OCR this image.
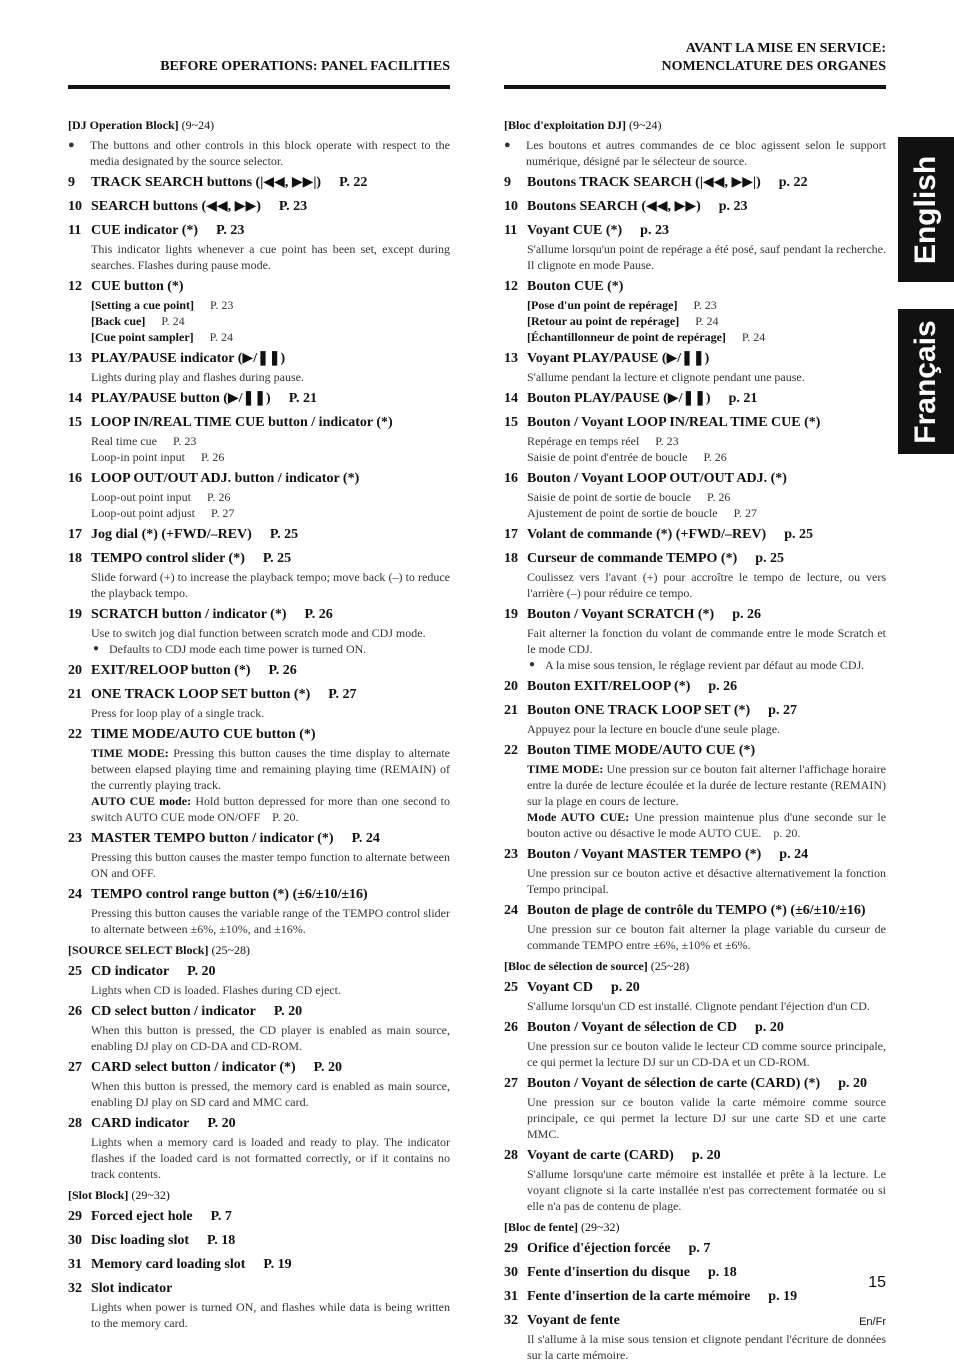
BEFORE OPERATIONS: PANEL FACILITIES
[DJ Operation Block] (9~24)
● The buttons and other controls in this block operate with respect to the media designated by the source selector.
9 TRACK SEARCH buttons (|◀◀, ▶▶|) P. 22
10 SEARCH buttons (◀◀, ▶▶) P. 23
11 CUE indicator (*) P. 23
This indicator lights whenever a cue point has been set, except during searches. Flashes during pause mode.
12 CUE button (*)
[Setting a cue point] P. 23
[Back cue] P. 24
[Cue point sampler] P. 24
13 PLAY/PAUSE indicator (▶/❚❚)
Lights during play and flashes during pause.
14 PLAY/PAUSE button (▶/❚❚) P. 21
15 LOOP IN/REAL TIME CUE button / indicator (*)
Real time cue P. 23
Loop-in point input P. 26
16 LOOP OUT/OUT ADJ. button / indicator (*)
Loop-out point input P. 26
Loop-out point adjust P. 27
17 Jog dial (*) (+FWD/–REV) P. 25
18 TEMPO control slider (*) P. 25
Slide forward (+) to increase the playback tempo; move back (–) to reduce the playback tempo.
19 SCRATCH button / indicator (*) P. 26
Use to switch jog dial function between scratch mode and CDJ mode.
● Defaults to CDJ mode each time power is turned ON.
20 EXIT/RELOOP button (*) P. 26
21 ONE TRACK LOOP SET button (*) P. 27
Press for loop play of a single track.
22 TIME MODE/AUTO CUE button (*)
TIME MODE: Pressing this button causes the time display to alternate between elapsed playing time and remaining playing time (REMAIN) of the currently playing track.
AUTO CUE mode: Hold button depressed for more than one second to switch AUTO CUE mode ON/OFF  P. 20.
23 MASTER TEMPO button / indicator (*) P. 24
Pressing this button causes the master tempo function to alternate between ON and OFF.
24 TEMPO control range button (*) (±6/±10/±16)
Pressing this button causes the variable range of the TEMPO control slider to alternate between ±6%, ±10%, and ±16%.
[SOURCE SELECT Block] (25~28)
25 CD indicator P. 20
Lights when CD is loaded. Flashes during CD eject.
26 CD select button / indicator P. 20
When this button is pressed, the CD player is enabled as main source, enabling DJ play on CD-DA and CD-ROM.
27 CARD select button / indicator (*) P. 20
When this button is pressed, the memory card is enabled as main source, enabling DJ play on SD card and MMC card.
28 CARD indicator P. 20
Lights when a memory card is loaded and ready to play. The indicator flashes if the loaded card is not formatted correctly, or if it contains no track contents.
[Slot Block] (29~32)
29 Forced eject hole P. 7
30 Disc loading slot P. 18
31 Memory card loading slot P. 19
32 Slot indicator
Lights when power is turned ON, and flashes while data is being written to the memory card.
AVANT LA MISE EN SERVICE:
NOMENCLATURE DES ORGANES
[Bloc d'exploitation DJ] (9~24)
● Les boutons et autres commandes de ce bloc agissent selon le support numérique, désigné par le sélecteur de source.
9 Boutons TRACK SEARCH (|◀◀, ▶▶|) p. 22
10 Boutons SEARCH (◀◀, ▶▶) p. 23
11 Voyant CUE (*) p. 23
S'allume lorsqu'un point de repérage a été posé, sauf pendant la recherche. Il clignote en mode Pause.
12 Bouton CUE (*)
[Pose d'un point de repérage] P. 23
[Retour au point de repérage] P. 24
[Échantillonneur de point de repérage] P. 24
13 Voyant PLAY/PAUSE (▶/❚❚)
S'allume pendant la lecture et clignote pendant une pause.
14 Bouton PLAY/PAUSE (▶/❚❚) p. 21
15 Bouton / Voyant LOOP IN/REAL TIME CUE (*)
Repérage en temps réel P. 23
Saisie de point d'entrée de boucle P. 26
16 Bouton / Voyant LOOP OUT/OUT ADJ. (*)
Saisie de point de sortie de boucle P. 26
Ajustement de point de sortie de boucle P. 27
17 Volant de commande (*) (+FWD/–REV) p. 25
18 Curseur de commande TEMPO (*) p. 25
Coulissez vers l'avant (+) pour accroître le tempo de lecture, ou vers l'arrière (–) pour réduire ce tempo.
19 Bouton / Voyant SCRATCH (*) p. 26
Fait alterner la fonction du volant de commande entre le mode Scratch et le mode CDJ.
● A la mise sous tension, le réglage revient par défaut au mode CDJ.
20 Bouton EXIT/RELOOP (*) p. 26
21 Bouton ONE TRACK LOOP SET (*) p. 27
Appuyez pour la lecture en boucle d'une seule plage.
22 Bouton TIME MODE/AUTO CUE (*)
TIME MODE: Une pression sur ce bouton fait alterner l'affichage horaire entre la durée de lecture écoulée et la durée de lecture restante (REMAIN) sur la plage en cours de lecture.
Mode AUTO CUE: Une pression maintenue plus d'une seconde sur le bouton active ou désactive le mode AUTO CUE.  p. 20.
23 Bouton / Voyant MASTER TEMPO (*) p. 24
Une pression sur ce bouton active et désactive alternativement la fonction Tempo principal.
24 Bouton de plage de contrôle du TEMPO (*) (±6/±10/±16)
Une pression sur ce bouton fait alterner la plage variable du curseur de commande TEMPO entre ±6%, ±10% et ±6%.
[Bloc de sélection de source] (25~28)
25 Voyant CD p. 20
S'allume lorsqu'un CD est installé. Clignote pendant l'éjection d'un CD.
26 Bouton / Voyant de sélection de CD p. 20
Une pression sur ce bouton valide le lecteur CD comme source principale, ce qui permet la lecture DJ sur un CD-DA et un CD-ROM.
27 Bouton / Voyant de sélection de carte (CARD) (*) p. 20
Une pression sur ce bouton valide la carte mémoire comme source principale, ce qui permet la lecture DJ sur une carte SD et une carte MMC.
28 Voyant de carte (CARD) p. 20
S'allume lorsqu'une carte mémoire est installée et prête à la lecture. Le voyant clignote si la carte installée n'est pas correctement formatée ou si elle n'a pas de contenu de plage.
[Bloc de fente] (29~32)
29 Orifice d'éjection forcée p. 7
30 Fente d'insertion du disque p. 18
31 Fente d'insertion de la carte mémoire p. 19
32 Voyant de fente
Il s'allume à la mise sous tension et clignote pendant l'écriture de données sur la carte mémoire.
English
Français
15
En/Fr
